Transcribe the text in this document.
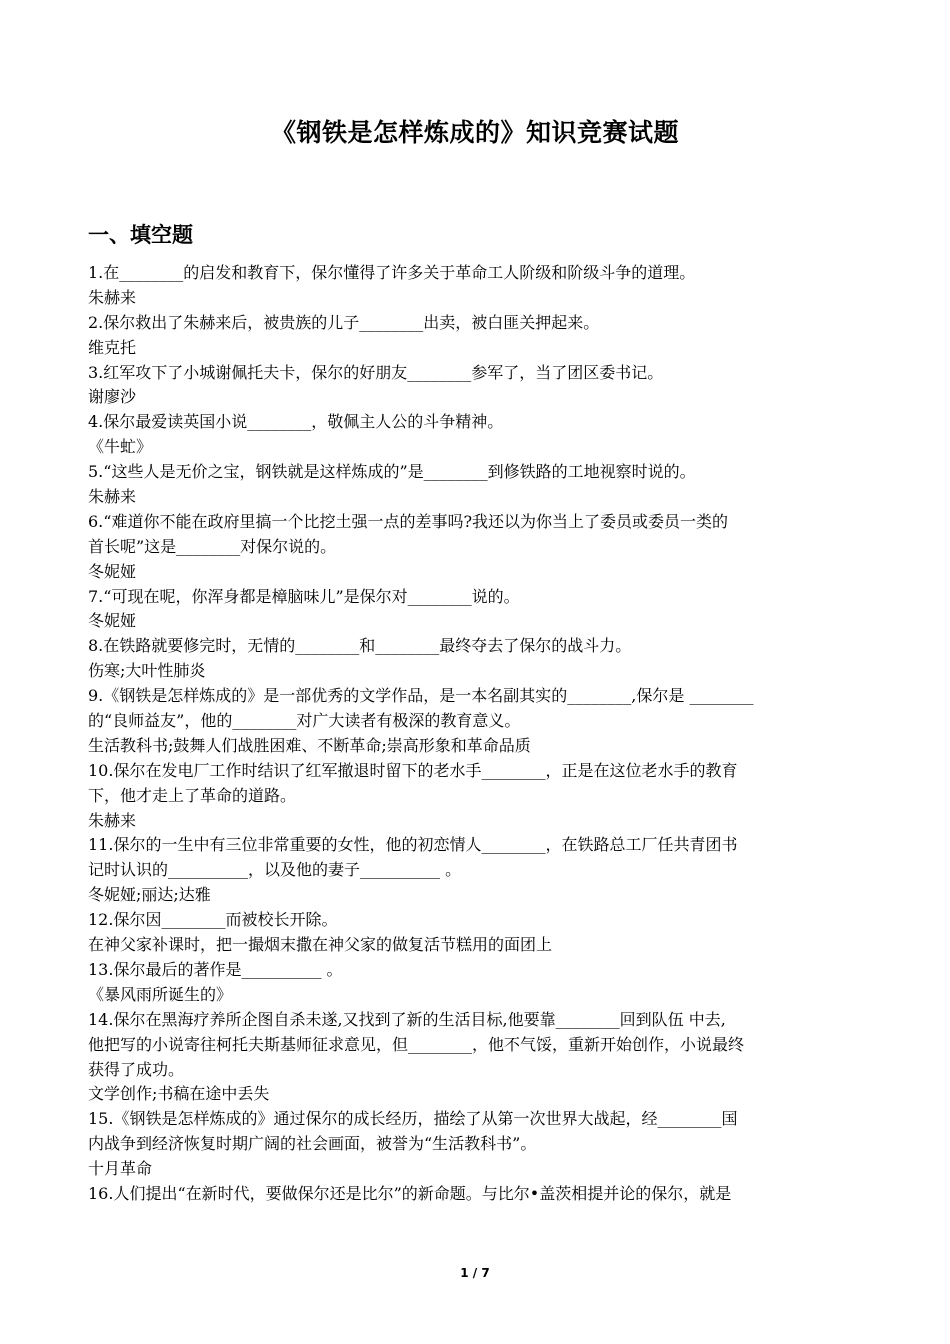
《钢铁是怎样炼成的》知识竞赛试题
一、填空题
1.在________的启发和教育下，保尔懂得了许多关于革命工人阶级和阶级斗争的道理。
朱赫来
2.保尔救出了朱赫来后，被贵族的儿子________出卖，被白匪关押起来。
维克托
3.红军攻下了小城谢佩托夫卡，保尔的好朋友________参军了，当了团区委书记。
谢廖沙
4.保尔最爱读英国小说________，敬佩主人公的斗争精神。
《牛虻》
5.“这些人是无价之宝，钢铁就是这样炼成的”是________到修铁路的工地视察时说的。
朱赫来
6.“难道你不能在政府里搞一个比挖土强一点的差事吗?我还以为你当上了委员或委员一类的
首长呢”这是________对保尔说的。
冬妮娅
7.“可现在呢，你浑身都是樟脑味儿”是保尔对________说的。
冬妮娅
8.在铁路就要修完时，无情的________和________最终夺去了保尔的战斗力。
伤寒;大叶性肺炎
9.《钢铁是怎样炼成的》是一部优秀的文学作品，是一本名副其实的________,保尔是 ________
的“良师益友”，他的________对广大读者有极深的教育意义。
生活教科书;鼓舞人们战胜困难、不断革命;崇高形象和革命品质
10.保尔在发电厂工作时结识了红军撤退时留下的老水手________，正是在这位老水手的教育
下，他才走上了革命的道路。
朱赫来
11.保尔的一生中有三位非常重要的女性，他的初恋情人________，在铁路总工厂任共青团书
记时认识的__________，以及他的妻子__________ 。
冬妮娅;丽达;达雅
12.保尔因________而被校长开除。
在神父家补课时，把一撮烟末撒在神父家的做复活节糕用的面团上
13.保尔最后的著作是__________ 。
《暴风雨所诞生的》
14.保尔在黑海疗养所企图自杀未遂,又找到了新的生活目标,他要靠________回到队伍 中去,
他把写的小说寄往柯托夫斯基师征求意见，但________，他不气馁，重新开始创作，小说最终
获得了成功。
文学创作;书稿在途中丢失
15.《钢铁是怎样炼成的》通过保尔的成长经历，描绘了从第一次世界大战起，经________国
内战争到经济恢复时期广阔的社会画面，被誉为“生活教科书”。
十月革命
16.人们提出“在新时代，要做保尔还是比尔”的新命题。与比尔•盖茨相提并论的保尔，就是
1 / 7
